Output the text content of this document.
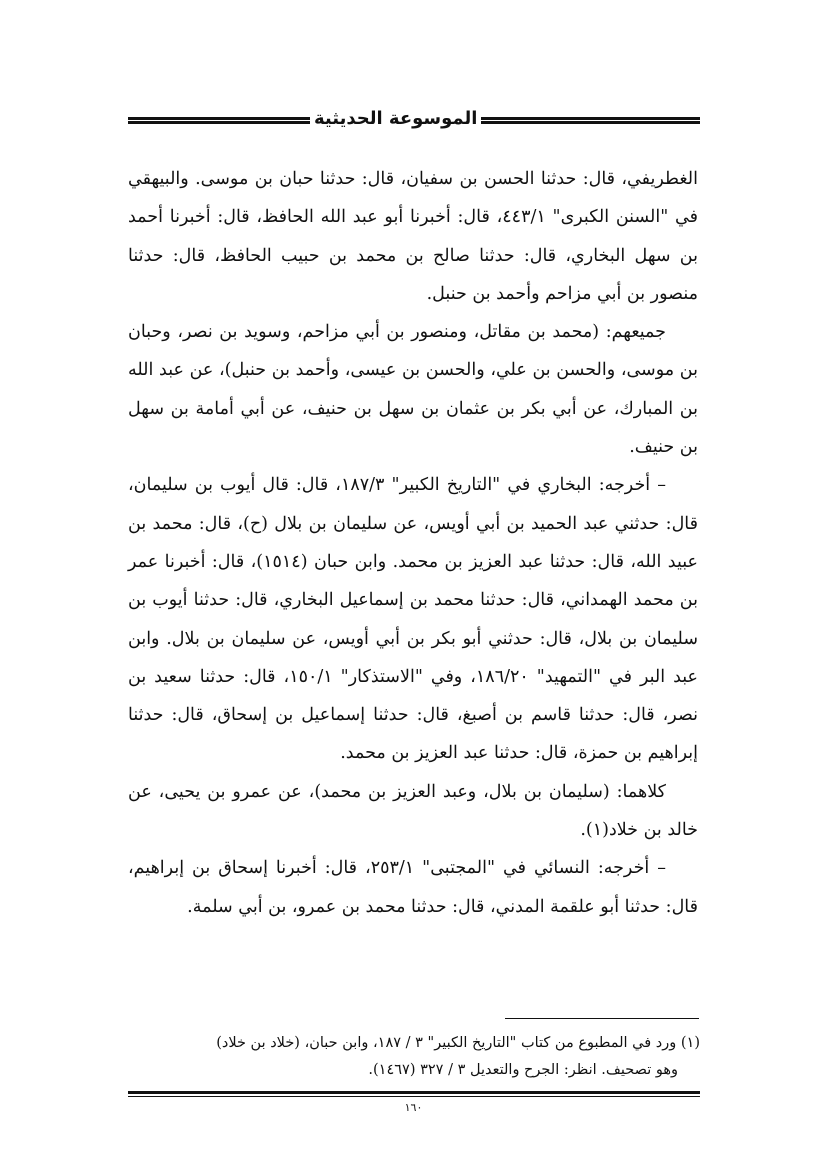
الموسوعة الحديثية

الغطريفي، قال: حدثنا الحسن بن سفيان، قال: حدثنا حبان بن موسى. والبيهقي في "السنن الكبرى" ٤٤٣/١، قال: أخبرنا أبو عبد الله الحافظ، قال: أخبرنا أحمد بن سهل البخاري، قال: حدثنا صالح بن محمد بن حبيب الحافظ، قال: حدثنا منصور بن أبي مزاحم وأحمد بن حنبل.

جميعهم: (محمد بن مقاتل، ومنصور بن أبي مزاحم، وسويد بن نصر، وحبان بن موسى، والحسن بن علي، والحسن بن عيسى، وأحمد بن حنبل)، عن عبد الله بن المبارك، عن أبي بكر بن عثمان بن سهل بن حنيف، عن أبي أمامة بن سهل بن حنيف.

– أخرجه: البخاري في "التاريخ الكبير" ١٨٧/٣، قال: قال أيوب بن سليمان، قال: حدثني عبد الحميد بن أبي أويس، عن سليمان بن بلال (ح)، قال: محمد بن عبيد الله، قال: حدثنا عبد العزيز بن محمد. وابن حبان (١٥١٤)، قال: أخبرنا عمر بن محمد الهمداني، قال: حدثنا محمد بن إسماعيل البخاري، قال: حدثنا أيوب بن سليمان بن بلال، قال: حدثني أبو بكر بن أبي أويس، عن سليمان بن بلال. وابن عبد البر في "التمهيد" ١٨٦/٢٠، وفي "الاستذكار" ١٥٠/١، قال: حدثنا سعيد بن نصر، قال: حدثنا قاسم بن أصبغ، قال: حدثنا إسماعيل بن إسحاق، قال: حدثنا إبراهيم بن حمزة، قال: حدثنا عبد العزيز بن محمد.

كلاهما: (سليمان بن بلال، وعبد العزيز بن محمد)، عن عمرو بن يحيى، عن خالد بن خلاد(١).

– أخرجه: النسائي في "المجتبى" ٢٥٣/١، قال: أخبرنا إسحاق بن إبراهيم، قال: حدثنا أبو علقمة المدني، قال: حدثنا محمد بن عمرو، بن أبي سلمة.

(١) ورد في المطبوع من كتاب "التاريخ الكبير" ٣ / ١٨٧، وابن حبان، (خلاد بن خلاد)

وهو تصحيف. انظر: الجرح والتعديل ٣ / ٣٢٧ (١٤٦٧).

١٦٠
